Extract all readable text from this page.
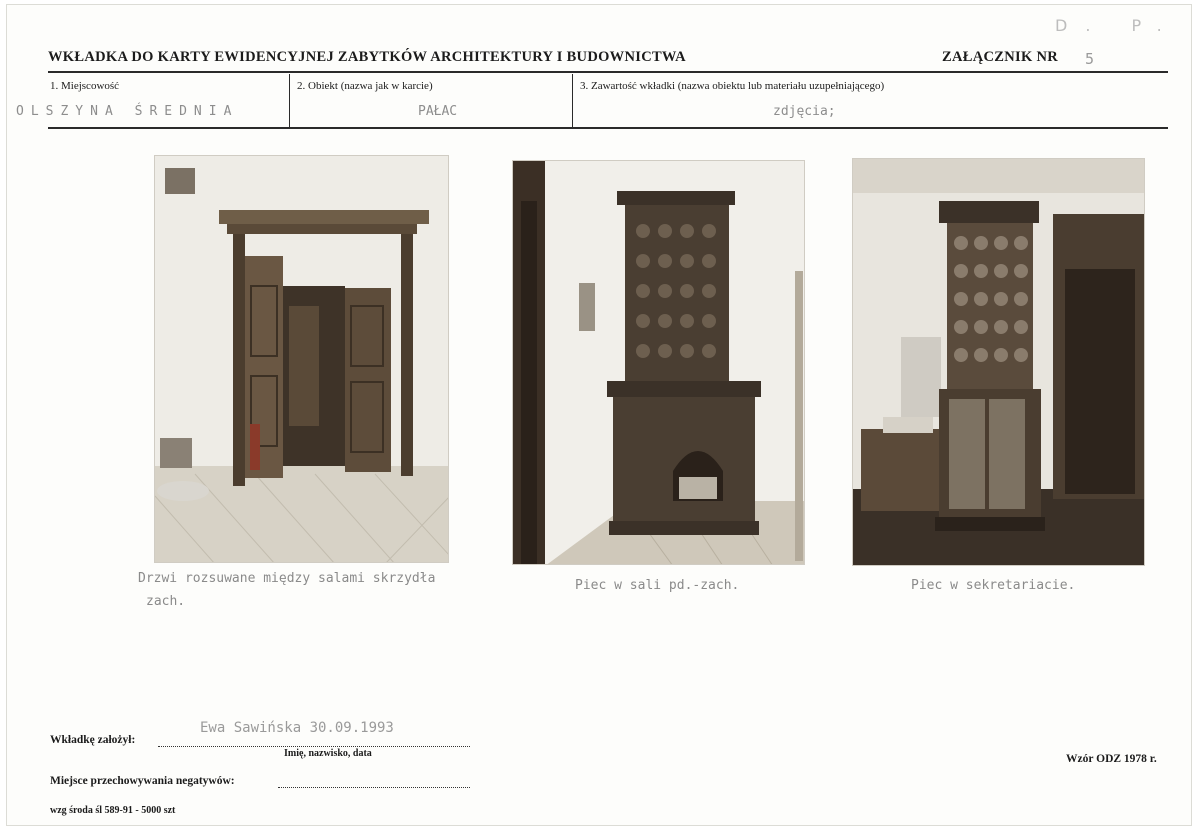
D. P.
WKŁADKA DO KARTY EWIDENCYJNEJ ZABYTKÓW ARCHITEKTURY I BUDOWNICTWA	ZAŁĄCZNIK NR 5
1. Miejscowość	2. Obiekt (nazwa jak w karcie)	3. Zawartość wkładki (nazwa obiektu lub materiału uzupełniającego)
OLSZYNA ŚREDNIA	PAŁAC	zdjęcia;
Drzwi rozsuwane między salami skrzydła
zach.
Piec w sali pd.-zach.	Piec w sekretariacie.
Wkładkę założył:
Ewa Sawińska 30.09.1993
Imię, nazwisko, data
Miejsce przechowywania negatywów:
Wzór ODZ 1978 r.
wzg środa śl 589-91 - 5000 szt
